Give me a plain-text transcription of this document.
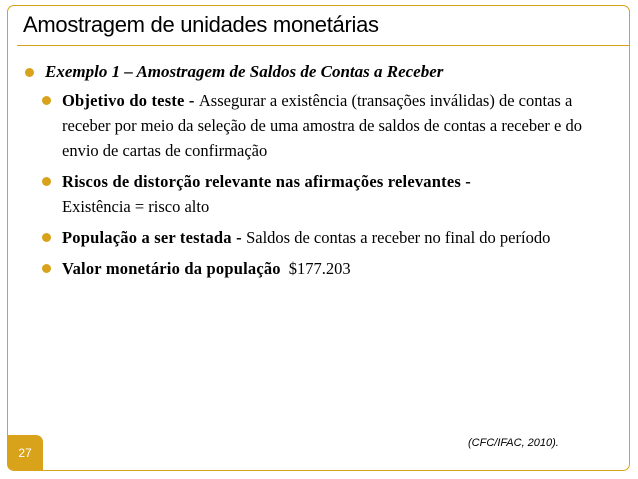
Amostragem de unidades monetárias
Exemplo 1 – Amostragem de Saldos de Contas a Receber
Objetivo do teste - Assegurar a existência (transações inválidas) de contas a receber por meio da seleção de uma amostra de saldos de contas a receber e do envio de cartas de confirmação
Riscos de distorção relevante nas afirmações relevantes -
Existência = risco alto
População a ser testada - Saldos de contas a receber no final do período
Valor monetário da população $177.203
27
(CFC/IFAC, 2010).
